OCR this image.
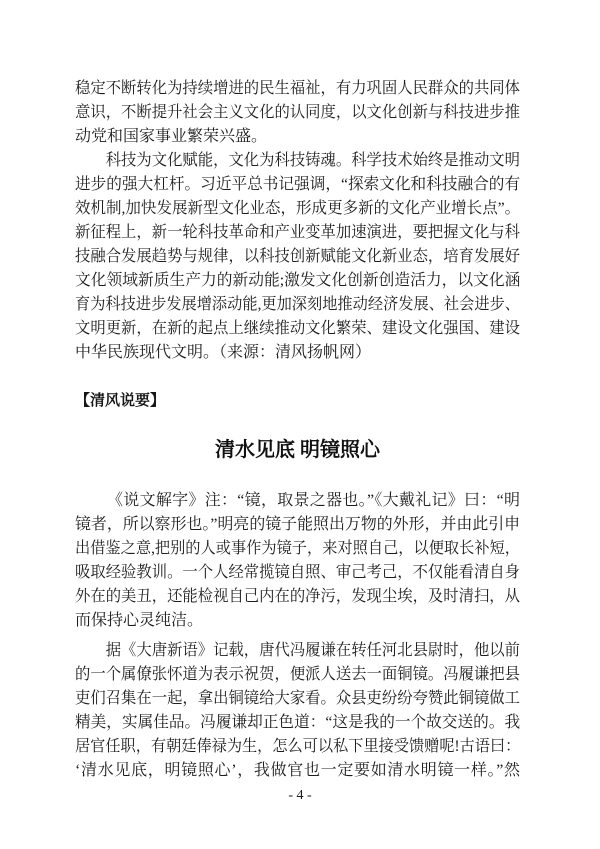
稳定不断转化为持续增进的民生福祉，有力巩固人民群众的共同体
意识，不断提升社会主义文化的认同度，以文化创新与科技进步推
动党和国家事业繁荣兴盛。
科技为文化赋能，文化为科技铸魂。科学技术始终是推动文明
进步的强大杠杆。习近平总书记强调，“探索文化和科技融合的有
效机制,加快发展新型文化业态，形成更多新的文化产业增长点”。
新征程上，新一轮科技革命和产业变革加速演进，要把握文化与科
技融合发展趋势与规律，以科技创新赋能文化新业态，培育发展好
文化领域新质生产力的新动能;激发文化创新创造活力，以文化涵
育为科技进步发展增添动能,更加深刻地推动经济发展、社会进步、
文明更新，在新的起点上继续推动文化繁荣、建设文化强国、建设
中华民族现代文明。（来源：清风扬帆网）
【清风说要】
清水见底 明镜照心
《说文解字》注：“镜，取景之器也。”《大戴礼记》曰：“明
镜者，所以察形也。”明亮的镜子能照出万物的外形，并由此引申
出借鉴之意,把别的人或事作为镜子，来对照自己，以便取长补短，
吸取经验教训。一个人经常揽镜自照、审己考己，不仅能看清自身
外在的美丑，还能检视自己内在的净污，发现尘埃，及时清扫，从
而保持心灵纯洁。
据《大唐新语》记载，唐代冯履谦在转任河北县尉时，他以前
的一个属僚张怀道为表示祝贺，便派人送去一面铜镜。冯履谦把县
吏们召集在一起，拿出铜镜给大家看。众县吏纷纷夸赞此铜镜做工
精美，实属佳品。冯履谦却正色道：“这是我的一个故交送的。我
居官任职，有朝廷俸禄为生，怎么可以私下里接受馈赠呢!古语曰：
‘清水见底，明镜照心’，我做官也一定要如清水明镜一样。”然
- 4 -
